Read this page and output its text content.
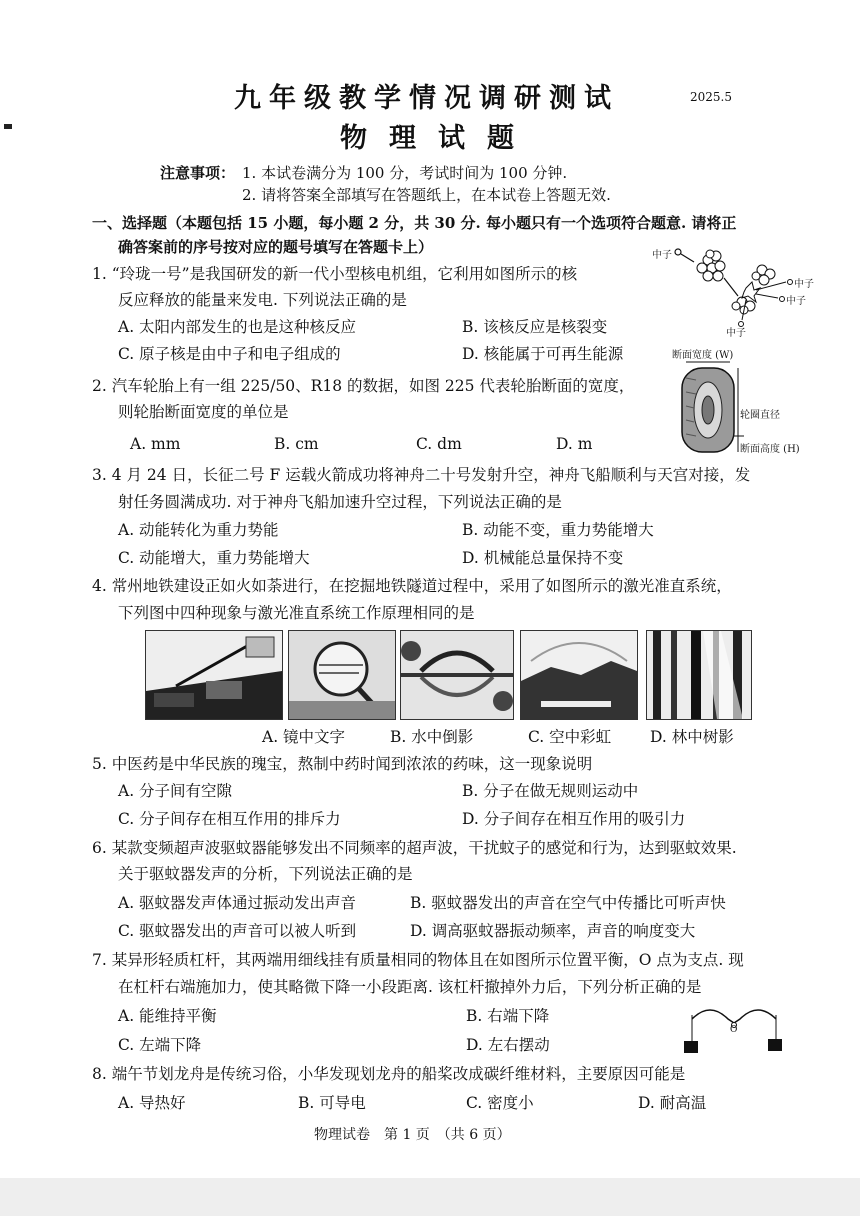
九年级教学情况调研测试	2025.5
物理试题
注意事项： 1. 本试卷满分为 100 分，考试时间为 100 分钟.
2. 请将答案全部填写在答题纸上，在本试卷上答题无效.
一、选择题（本题包括 15 小题，每小题 2 分，共 30 分. 每小题只有一个选项符合题意. 请将正
确答案前的序号按对应的题号填写在答题卡上）
1. “玲珑一号”是我国研发的新一代小型核电机组，它利用如图所示的核
反应释放的能量来发电. 下列说法正确的是
A. 太阳内部发生的也是这种核反应	B. 该核反应是核裂变
C. 原子核是由中子和电子组成的	D. 核能属于可再生能源
中子
中子
中子
中子
2. 汽车轮胎上有一组 225/50、R18 的数据，如图 225 代表轮胎断面的宽度，
则轮胎断面宽度的单位是
A. mm	B. cm	C. dm	D. m
断面宽度 (W)
轮圈直径
断面高度 (H)
3. 4 月 24 日，长征二号 F 运载火箭成功将神舟二十号发射升空，神舟飞船顺利与天宫对接，发
射任务圆满成功. 对于神舟飞船加速升空过程，下列说法正确的是
A. 动能转化为重力势能	B. 动能不变，重力势能增大
C. 动能增大，重力势能增大	D. 机械能总量保持不变
4. 常州地铁建设正如火如荼进行，在挖掘地铁隧道过程中，采用了如图所示的激光准直系统，
下列图中四种现象与激光准直系统工作原理相同的是
A. 镜中文字	B. 水中倒影	C. 空中彩虹	D. 林中树影
5. 中医药是中华民族的瑰宝，熬制中药时闻到浓浓的药味，这一现象说明
A. 分子间有空隙	B. 分子在做无规则运动中
C. 分子间存在相互作用的排斥力	D. 分子间存在相互作用的吸引力
6. 某款变频超声波驱蚊器能够发出不同频率的超声波，干扰蚊子的感觉和行为，达到驱蚊效果.
关于驱蚊器发声的分析，下列说法正确的是
A. 驱蚊器发声体通过振动发出声音	B. 驱蚊器发出的声音在空气中传播比可听声快
C. 驱蚊器发出的声音可以被人听到	D. 调高驱蚊器振动频率，声音的响度变大
7. 某异形轻质杠杆，其两端用细线挂有质量相同的物体且在如图所示位置平衡，O 点为支点. 现
在杠杆右端施加力，使其略微下降一小段距离. 该杠杆撤掉外力后，下列分析正确的是
A. 能维持平衡	B. 右端下降
C. 左端下降	D. 左右摆动
O
8. 端午节划龙舟是传统习俗，小华发现划龙舟的船桨改成碳纤维材料，主要原因可能是
A. 导热好	B. 可导电	C. 密度小	D. 耐高温
物理试卷　第 1 页　（共 6 页）
